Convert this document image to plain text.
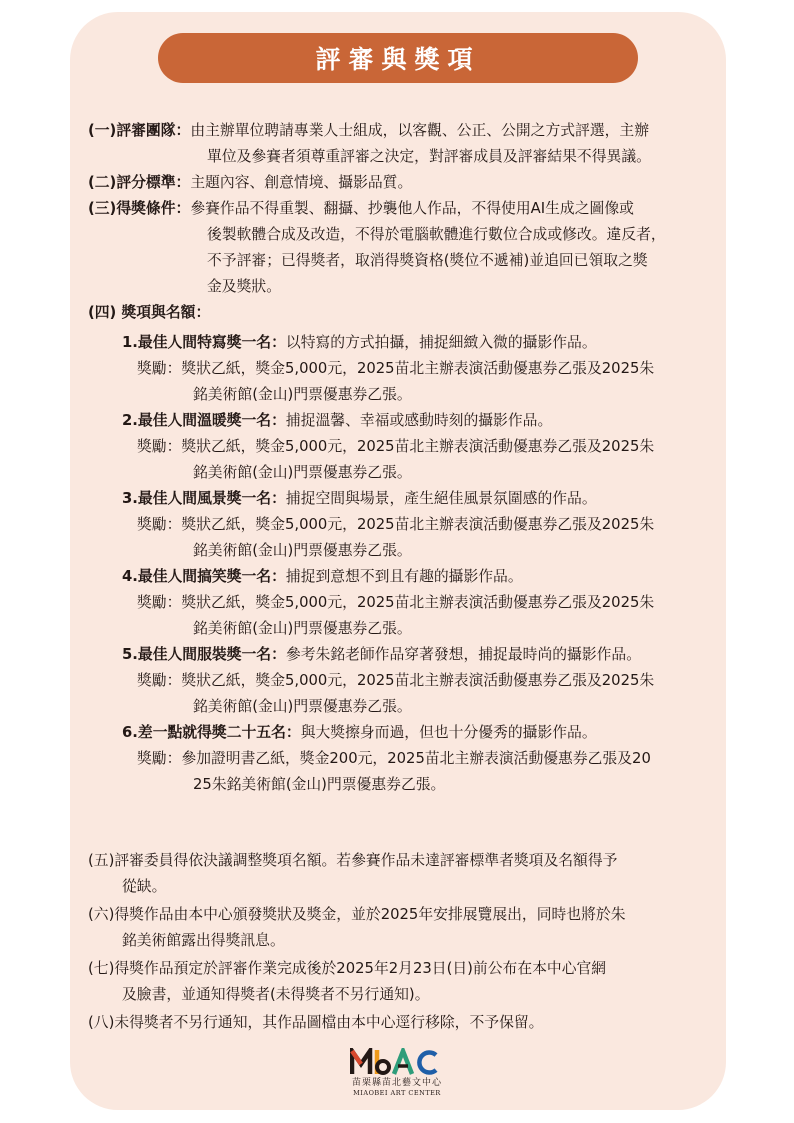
評審與獎項
(一)評審團隊： 由主辦單位聘請專業人士組成，以客觀、公正、公開之方式評選，主辦
單位及參賽者須尊重評審之決定，對評審成員及評審結果不得異議。
(二)評分標準： 主題內容、創意情境、攝影品質。
(三)得獎條件： 參賽作品不得重製、翻攝、抄襲他人作品，不得使用AI生成之圖像或
後製軟體合成及改造，不得於電腦軟體進行數位合成或修改。違反者，
不予評審；已得獎者，取消得獎資格(獎位不遞補)並追回已領取之獎
金及獎狀。
(四) 獎項與名額：
1.最佳人間特寫獎一名： 以特寫的方式拍攝，捕捉細緻入微的攝影作品。
獎勵： 獎狀乙紙，獎金5,000元，2025苗北主辦表演活動優惠券乙張及2025朱
銘美術館(金山)門票優惠券乙張。
2.最佳人間溫暖獎一名： 捕捉溫馨、幸福或感動時刻的攝影作品。
獎勵： 獎狀乙紙，獎金5,000元，2025苗北主辦表演活動優惠券乙張及2025朱
銘美術館(金山)門票優惠券乙張。
3.最佳人間風景獎一名： 捕捉空間與場景，產生絕佳風景氛圍感的作品。
獎勵： 獎狀乙紙，獎金5,000元，2025苗北主辦表演活動優惠券乙張及2025朱
銘美術館(金山)門票優惠券乙張。
4.最佳人間搞笑獎一名： 捕捉到意想不到且有趣的攝影作品。
獎勵： 獎狀乙紙，獎金5,000元，2025苗北主辦表演活動優惠券乙張及2025朱
銘美術館(金山)門票優惠券乙張。
5.最佳人間服裝獎一名： 參考朱銘老師作品穿著發想，捕捉最時尚的攝影作品。
獎勵： 獎狀乙紙，獎金5,000元，2025苗北主辦表演活動優惠券乙張及2025朱
銘美術館(金山)門票優惠券乙張。
6.差一點就得獎二十五名： 與大獎擦身而過，但也十分優秀的攝影作品。
獎勵： 參加證明書乙紙，獎金200元，2025苗北主辦表演活動優惠券乙張及20
25朱銘美術館(金山)門票優惠券乙張。
(五)評審委員得依決議調整獎項名額。若參賽作品未達評審標準者獎項及名額得予
從缺。
(六)得獎作品由本中心頒發獎狀及獎金，並於2025年安排展覽展出，同時也將於朱
銘美術館露出得獎訊息。
(七)得獎作品預定於評審作業完成後於2025年2月23日(日)前公布在本中心官網
及臉書，並通知得獎者(未得獎者不另行通知)。
(八)未得獎者不另行通知，其作品圖檔由本中心逕行移除，不予保留。
苗栗縣苗北藝文中心
MIAOBEI ART CENTER
